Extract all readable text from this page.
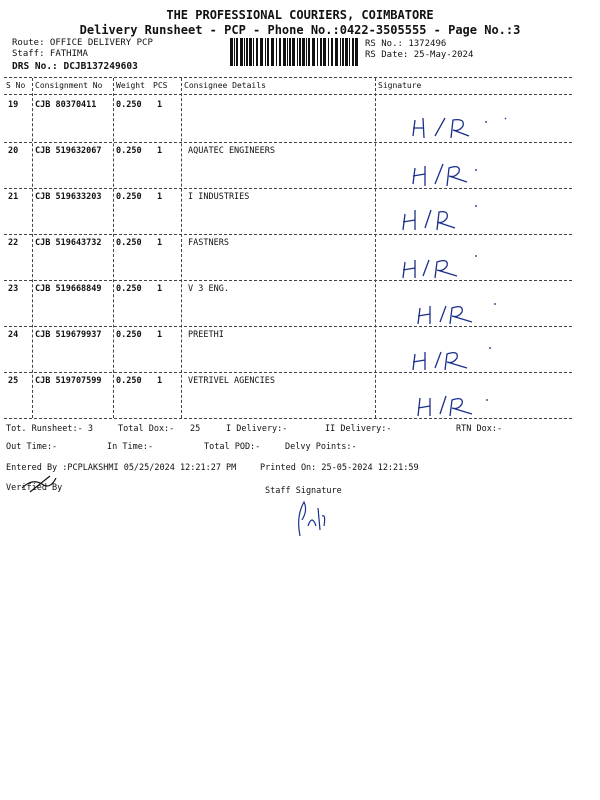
THE PROFESSIONAL COURIERS, COIMBATORE
Delivery Runsheet - PCP - Phone No.:0422-3505555 - Page No.:3
Route: OFFICE DELIVERY PCP
Staff: FATHIMA
DRS No.: DCJB137249603
RS No.: 1372496
RS Date: 25-May-2024
S No Consignment No Weight PCS Consignee Details	Signature
19 CJB 80370411 0.250 1
20 CJB 519632067 0.250 1	AQUATEC ENGINEERS
21 CJB 519633203 0.250 1	I INDUSTRIES
22 CJB 519643732 0.250 1	FASTNERS
23 CJB 519668849 0.250 1	V 3 ENG.
24 CJB 519679937 0.250 1	PREETHI
25 CJB 519707599 0.250 1	VETRIVEL AGENCIES
Tot. Runsheet:- 3	Total Dox:- 25	I Delivery:-	II Delivery:-	RTN Dox:-
Out Time:-	In Time:-	Total POD:-	Delvy Points:-
Entered By :PCPLAKSHMI 05/25/2024 12:21:27 PM	Printed On: 25-05-2024 12:21:59
Verified By	Staff Signature
